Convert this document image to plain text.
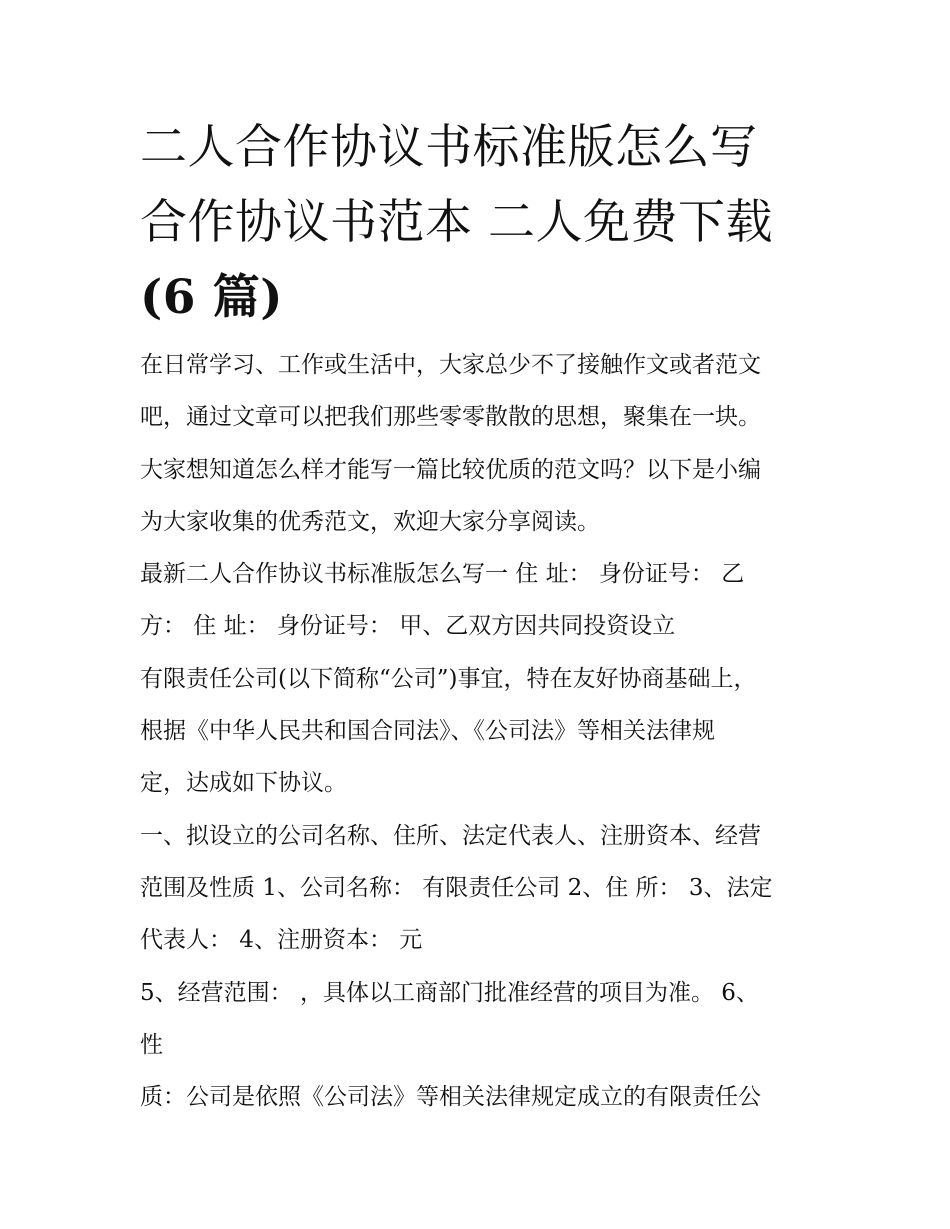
二人合作协议书标准版怎么写
合作协议书范本 二人免费下载
(6 篇)
在日常学习、工作或生活中，大家总少不了接触作文或者范文
吧，通过文章可以把我们那些零零散散的思想，聚集在一块。
大家想知道怎么样才能写一篇比较优质的范文吗？以下是小编
为大家收集的优秀范文，欢迎大家分享阅读。
最新二人合作协议书标准版怎么写一 住 址： 身份证号： 乙
方： 住 址： 身份证号： 甲、乙双方因共同投资设立
有限责任公司(以下简称“公司”)事宜，特在友好协商基础上，
根据《中华人民共和国合同法》、《公司法》等相关法律规
定，达成如下协议。
一、拟设立的公司名称、住所、法定代表人、注册资本、经营
范围及性质 1、公司名称： 有限责任公司 2、住 所： 3、法定
代表人： 4、注册资本： 元
5、经营范围： ，具体以工商部门批准经营的项目为准。 6、
性
质：公司是依照《公司法》等相关法律规定成立的有限责任公
